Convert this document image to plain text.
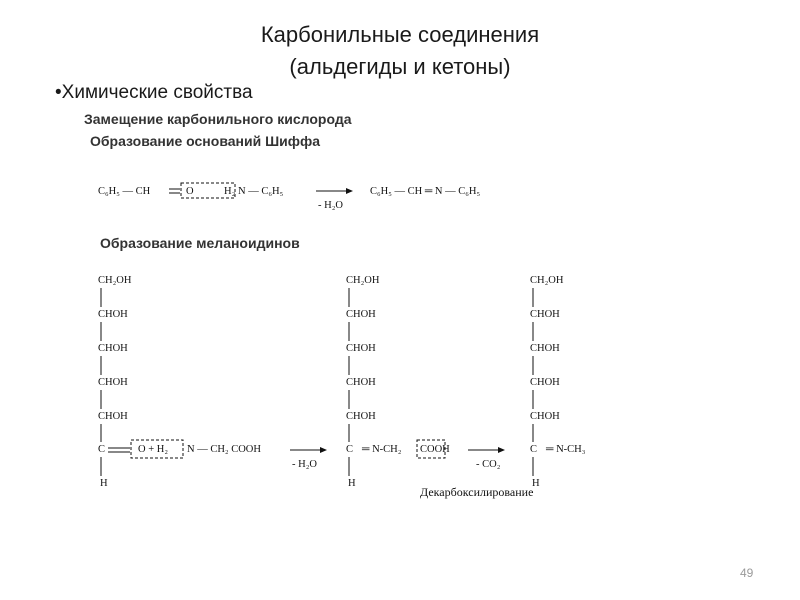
Карбонильные соединения
(альдегиды и кетоны)
•Химические свойства
Замещение карбонильного кислорода
Образование оснований Шиффа
Образование меланоидинов
C₆H₅ — CH	O	H₂ N — C₆H₅
- H₂O
C₆H₅ — CH ═ N — C₆H₅
CH₂OH
CHOH
CHOH
CHOH
CHOH
C
H
O + H₂ N — CH₂ COOH
- H₂O
CH₂OH
CHOH
CHOH
CHOH
CHOH
C
H
═ N-CH₂ COOH
- CO₂
CH₂OH
CHOH
CHOH
CHOH
CHOH
C
H
═ N-CH₃
Декарбоксилирование
49
